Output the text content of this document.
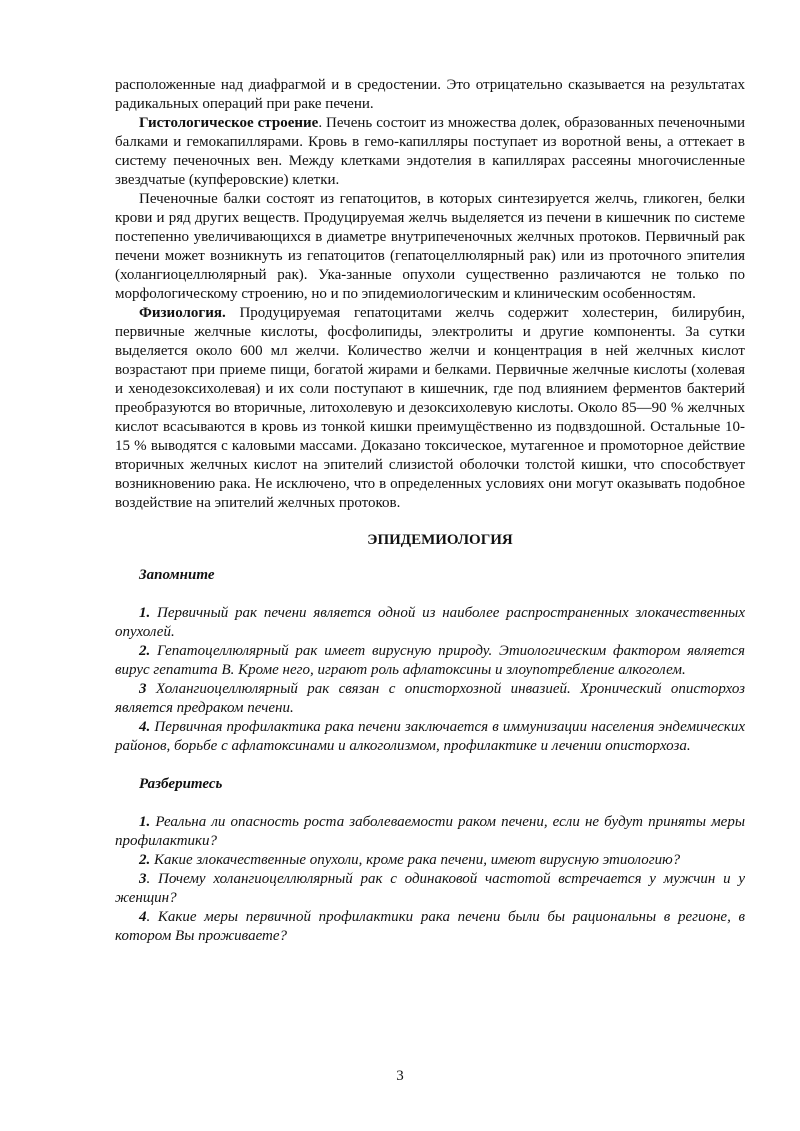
расположенные над диафрагмой и в средостении. Это отрицательно сказывается на результатах радикальных операций при раке печени.

Гистологическое строение. Печень состоит из множества долек, образованных печеночными балками и гемокапиллярами. Кровь в гемо-капилляры поступает из воротной вены, а оттекает в систему печеночных вен. Между клетками эндотелия в капиллярах рассеяны многочисленные звездчатые (купферовские) клетки.

Печеночные балки состоят из гепатоцитов, в которых синтезируется желчь, гликоген, белки крови и ряд других веществ. Продуцируемая желчь выделяется из печени в кишечник по системе постепенно увеличивающихся в диаметре внутрипеченочных желчных протоков. Первичный рак печени может возникнуть из гепатоцитов (гепатоцеллюлярный рак) или из проточного эпителия (холангиоцеллюлярный рак). Ука-занные опухоли существенно различаются не только по морфологическому строению, но и по эпидемиологическим и клиническим особенностям.

Физиология. Продуцируемая гепатоцитами желчь содержит холестерин, билирубин, первичные желчные кислоты, фосфолипиды, электролиты и другие компоненты. За сутки выделяется около 600 мл желчи. Количество желчи и концентрация в ней желчных кислот возрастают при приеме пищи, богатой жирами и белками. Первичные желчные кислоты (холевая и хенодезоксихолевая) и их соли поступают в кишечник, где под влиянием ферментов бактерий преобразуются во вторичные, литохолевую и дезоксихолевую кислоты. Около 85—90 % желчных кислот всасываются в кровь из тонкой кишки преимущёственно из подвздошной. Остальные 10-15 % выводятся с каловыми массами. Доказано токсическое, мутагенное и промоторное действие вторичных желчных кислот на эпителий слизистой оболочки толстой кишки, что способствует возникновению рака. Не исключено, что в определенных условиях они могут оказывать подобное воздействие на эпителий желчных протоков.

ЭПИДЕМИОЛОГИЯ

Запомните

1. Первичный рак печени является одной из наиболее распространенных злокачественных опухолей.

2. Гепатоцеллюлярный рак имеет вирусную природу. Этиологическим фактором является вирус гепатита В. Кроме него, играют роль афлатоксины и злоупотребление алкоголем.

3 Холангиоцеллюлярный рак связан с описторхозной инвазией. Хронический описторхоз является предраком печени.

4. Первичная профилактика рака печени заключается в иммунизации населения эндемических районов, борьбе с афлатоксинами и алкоголизмом, профилактике и лечении описторхоза.

Разберитесь

1. Реальна ли опасность роста заболеваемости раком печени, если не будут приняты меры профилактики?

2. Какие злокачественные опухоли, кроме рака печени, имеют вирусную этиологию?

3. Почему холангиоцеллюлярный рак с одинаковой частотой встречается у мужчин и у женщин?

4. Какие меры первичной профилактики рака печени были бы рациональны в регионе, в котором Вы проживаете?

3
